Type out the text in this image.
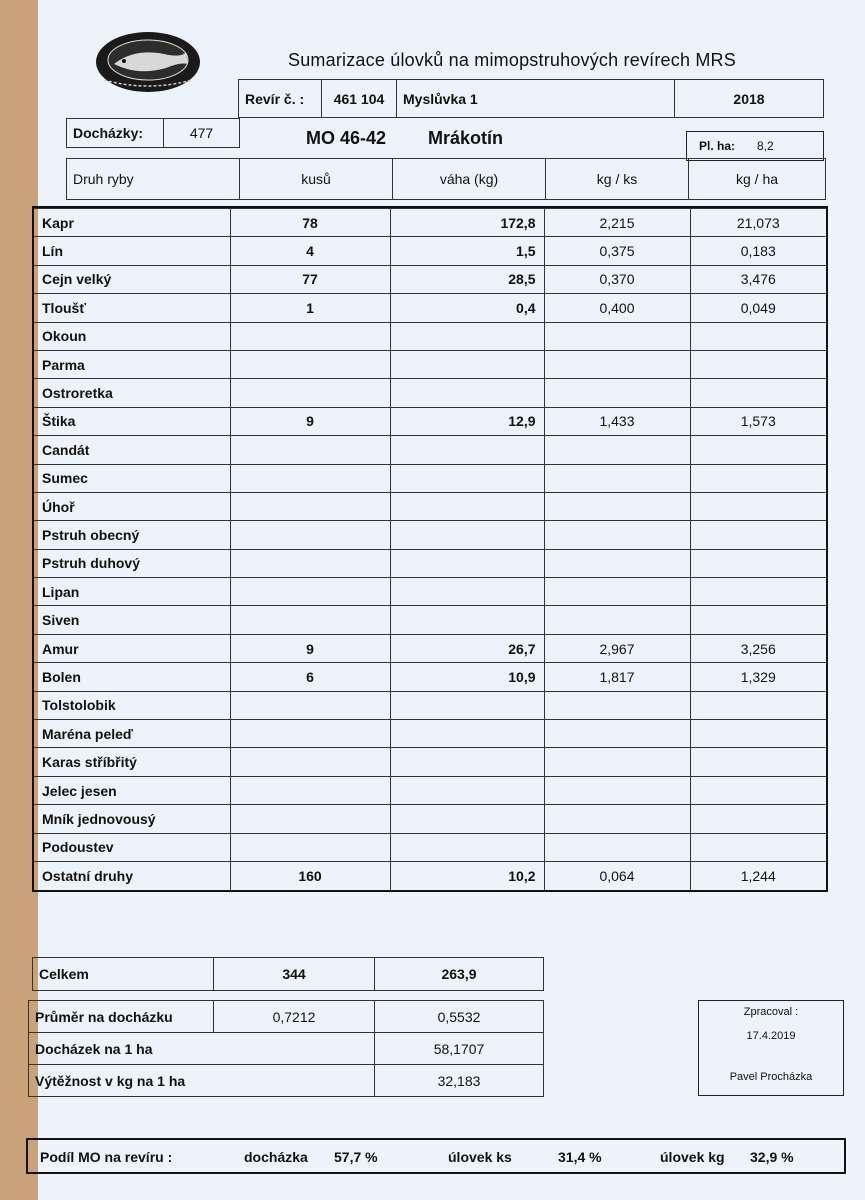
Sumarizace úlovků na mimopstruhových revírech MRS
Revír č. :	461 104	Myslůvka 1	2018
Docházky:	477	MO 46-42 Mrákotín	Pl. ha: 8,2
Druh ryby	kusů	váha (kg)	kg / ks	kg / ha
Kapr	78	172,8	2,215	21,073
Lín	4	1,5	0,375	0,183
Cejn velký	77	28,5	0,370	3,476
Tloušť	1	0,4	0,400	0,049
Okoun				
Parma				
Ostroretka				
Štika	9	12,9	1,433	1,573
Candát				
Sumec				
Úhoř				
Pstruh obecný				
Pstruh duhový				
Lipan				
Siven				
Amur	9	26,7	2,967	3,256
Bolen	6	10,9	1,817	1,329
Tolstolobik				
Maréna peleď				
Karas stříbřitý				
Jelec jesen				
Mník jednovousý				
Podoustev				
Ostatní druhy	160	10,2	0,064	1,244
Celkem	344	263,9
Průměr na docházku	0,7212	0,5532
Docházek na 1 ha		58,1707
Výtěžnost v kg na 1 ha		32,183
Zpracoval :
17.4.2019
Pavel Procházka
Podíl MO na revíru :	docházka 57,7 %	úlovek ks	31,4 %	úlovek kg 32,9 %
